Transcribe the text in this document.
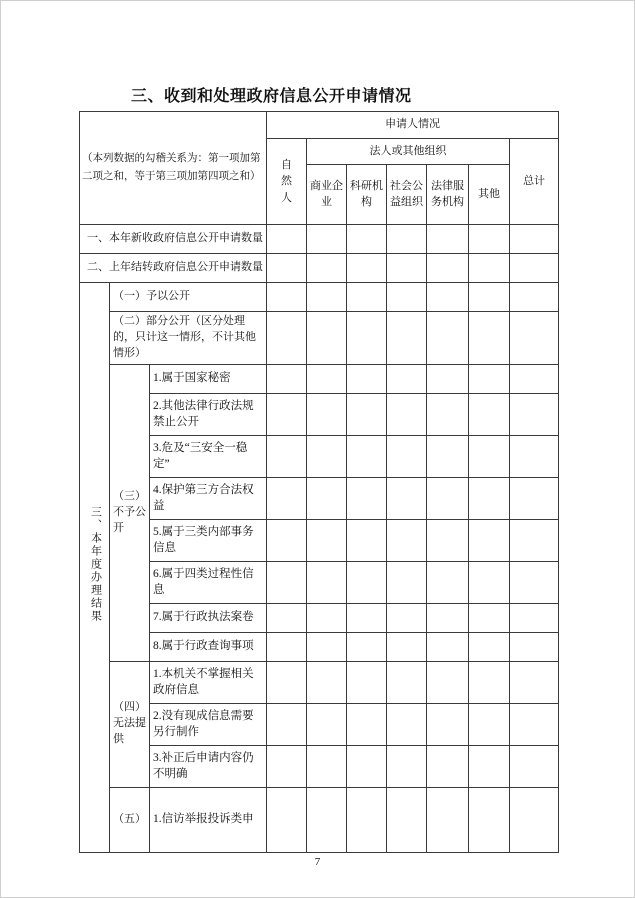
三、收到和处理政府信息公开申请情况
（本列数据的勾稽关系为：第一项加第二项之和，等于第三项加第四项之和）			申请人情况						

			自然人	法人或其他组织					总计
				商业企业	科研机构	社会公益组织	法律服务机构	其他	
一、本年新收政府信息公开申请数量									
二、上年结转政府信息公开申请数量									
三、本年度办理结果	（一）予以公开								
	（二）部分公开（区分处理的，只计这一情形，不计其他情形）								
	（三）不予公开	1.属于国家秘密							
		2.其他法律行政法规禁止公开							
		3.危及“三安全一稳定”							
		4.保护第三方合法权益							
		5.属于三类内部事务信息							
		6.属于四类过程性信息							
		7.属于行政执法案卷							
		8.属于行政查询事项							
	（四）无法提供	1.本机关不掌握相关政府信息							
		2.没有现成信息需要另行制作							
		3.补正后申请内容仍不明确							
	（五）	1.信访举报投诉类申							
7
